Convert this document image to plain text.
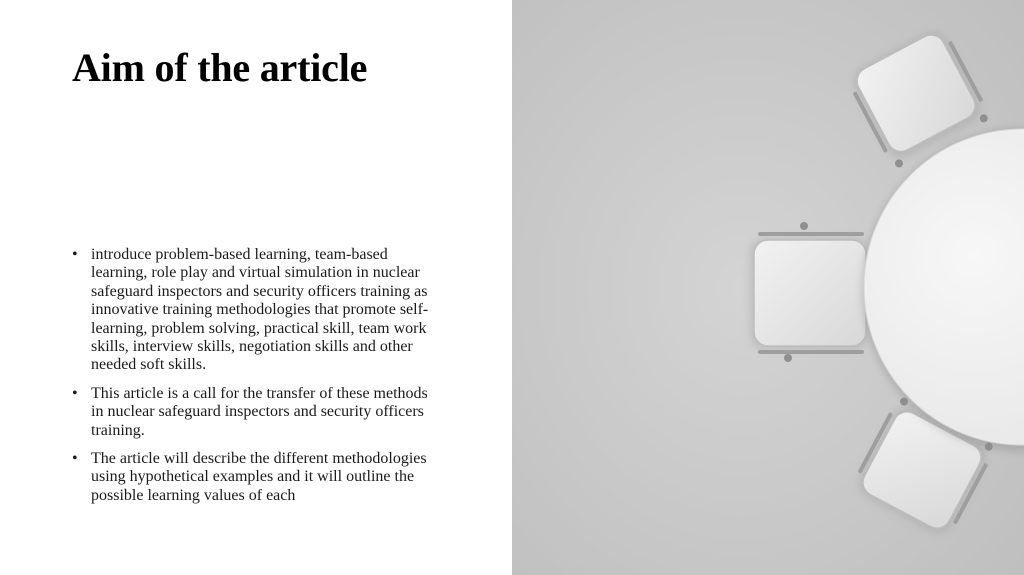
Aim of the article
• introduce problem-based learning, team-based learning, role play and virtual simulation in nuclear safeguard inspectors and security officers training as innovative training methodologies that promote self-learning, problem solving, practical skill, team work skills, interview skills, negotiation skills and other needed soft skills.
• This article is a call for the transfer of these methods in nuclear safeguard inspectors and security officers training.
• The article will describe the different methodologies using hypothetical examples and it will outline the possible learning values of each
